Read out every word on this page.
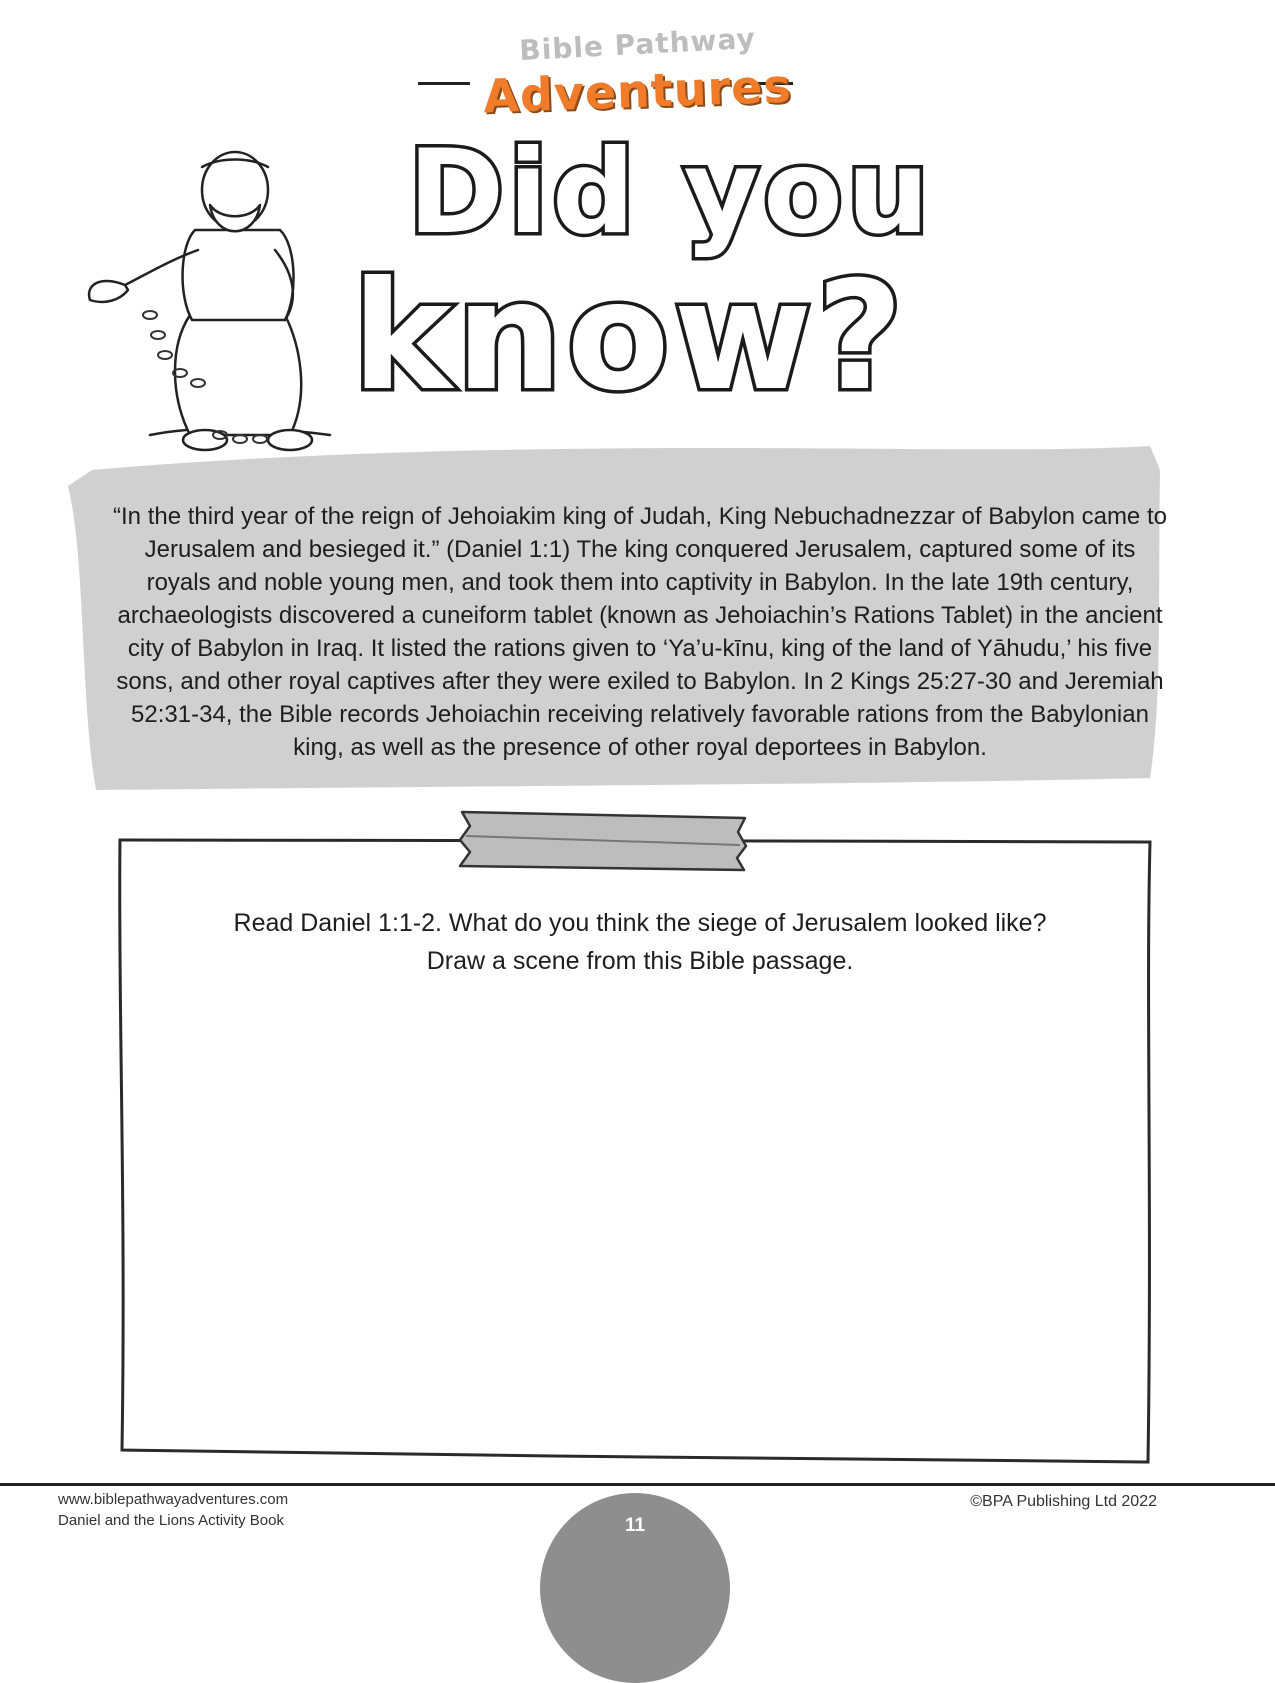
Bible Pathway
Adventures
Did you
know?
“In the third year of the reign of Jehoiakim king of Judah, King Nebuchadnezzar of Babylon came to Jerusalem and besieged it.” (Daniel 1:1) The king conquered Jerusalem, captured some of its royals and noble young men, and took them into captivity in Babylon. In the late 19th century, archaeologists discovered a cuneiform tablet (known as Jehoiachin’s Rations Tablet) in the ancient city of Babylon in Iraq. It listed the rations given to ‘Ya’u-kīnu, king of the land of Yāhudu,’ his five sons, and other royal captives after they were exiled to Babylon. In 2 Kings 25:27-30 and Jeremiah 52:31-34, the Bible records Jehoiachin receiving relatively favorable rations from the Babylonian king, as well as the presence of other royal deportees in Babylon.
Read Daniel 1:1-2. What do you think the siege of Jerusalem looked like?
Draw a scene from this Bible passage.
www.biblepathwayadventures.com
Daniel and the Lions Activity Book
©BPA Publishing Ltd 2022
11
